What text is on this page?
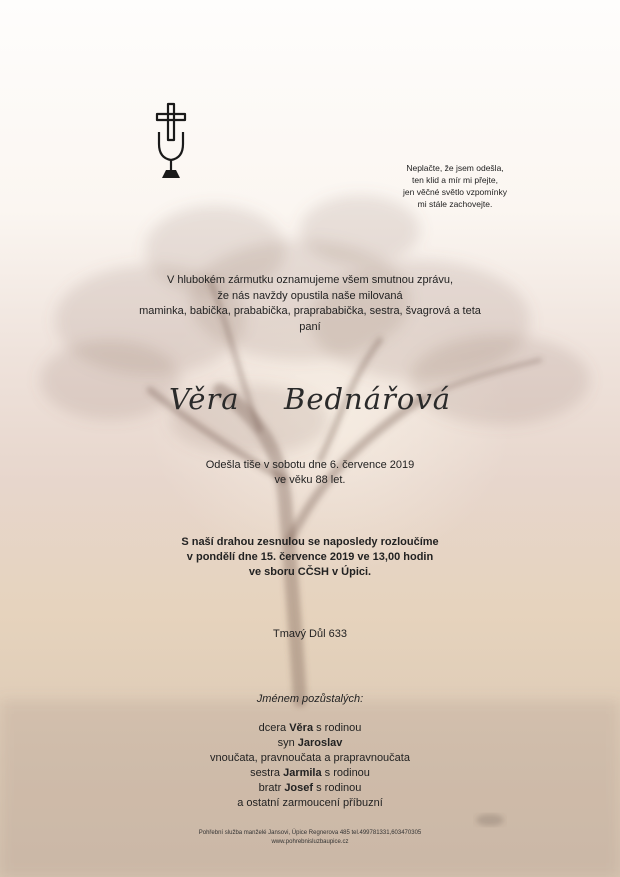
Neplačte, že jsem odešla,
ten klid a mír mi přejte,
jen věčné světlo vzpomínky
mi stále zachovejte.
V hlubokém zármutku oznamujeme všem smutnou zprávu,
že nás navždy opustila naše milovaná
maminka, babička, prababička, praprababička, sestra, švagrová a teta
paní
Věra  Bednářová
Odešla tiše v sobotu dne 6. července 2019
ve věku 88 let.
S naší drahou zesnulou se naposledy rozloučíme
v pondělí dne 15. července 2019 ve 13,00 hodin
ve sboru CČSH v Úpici.
Tmavý Důl 633
Jménem pozůstalých:
dcera Věra s rodinou
syn Jaroslav
vnoučata, pravnoučata a prapravnoučata
sestra Jarmila s rodinou
bratr Josef s rodinou
a ostatní zarmoucení příbuzní
Pohřební služba manželé Jansovi, Úpice Regnerova 485 tel.499781331,603470305
www.pohrebnisluzbaupice.cz
